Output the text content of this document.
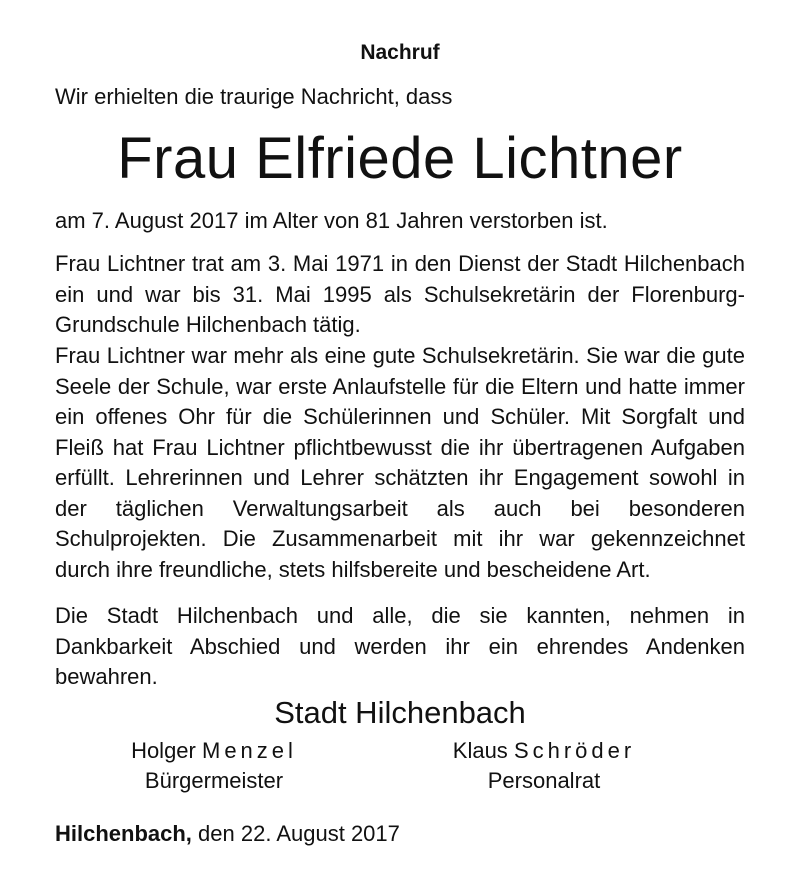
Nachruf

Wir erhielten die traurige Nachricht, dass

Frau Elfriede Lichtner

am 7. August 2017 im Alter von 81 Jahren verstorben ist.

Frau Lichtner trat am 3. Mai 1971 in den Dienst der Stadt Hilchenbach ein und war bis 31. Mai 1995 als Schulsekretärin der Florenburg-Grundschule Hilchenbach tätig.

Frau Lichtner war mehr als eine gute Schulsekretärin. Sie war die gute Seele der Schule, war erste Anlaufstelle für die Eltern und hatte immer ein offenes Ohr für die Schülerinnen und Schüler. Mit Sorgfalt und Fleiß hat Frau Lichtner pflichtbewusst die ihr übertragenen Aufgaben erfüllt. Lehrerinnen und Lehrer schätzten ihr Engagement sowohl in der täglichen Verwaltungsarbeit als auch bei besonderen Schulprojekten. Die Zusammenarbeit mit ihr war gekennzeichnet durch ihre freundliche, stets hilfsbereite und bescheidene Art.

Die Stadt Hilchenbach und alle, die sie kannten, nehmen in Dankbarkeit Abschied und werden ihr ein ehrendes Andenken bewahren.

Stadt Hilchenbach

Holger Menzel
Bürgermeister
Klaus Schröder
Personalrat

Hilchenbach, den 22. August 2017
